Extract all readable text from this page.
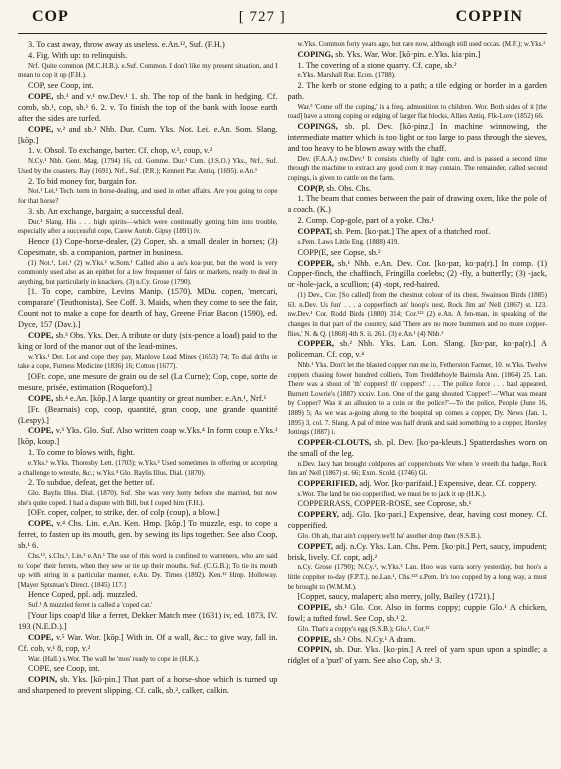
COP	[ 727 ]	COPPIN

3. To cast away, throw away as useless. e.An.¹², Suf. (F.H.)

4. Fig. With up: to relinquish.

Nrf. Quite common (M.C.H.B.). e.Suf. Common. I don't like my present situation, and I mean to cop it up (F.H.).

COP, see Coop, int.

COPE, sb.¹ and v.¹ nw.Dev.¹ 1. sb. The top of the bank in hedging. Cf. comb, sb.¹, cop, sb.¹ 6. 2. v. To finish the top of the bank with loose earth after the sides are turfed.

COPE, v.² and sb.² Nhb. Dur. Cum. Yks. Not. Lei. e.An. Som. Slang. [kōp.]

1. v. Obsol. To exchange, barter. Cf. chop, v.², coup, v.²

N.Cy.¹ Nhb. Gent. Mag. (1794) 16, cd. Gomme. Dur.¹ Cum. (J.S.O.) Yks., Nrf., Suf. Used by the coasters. Ray (1691). Nrf., Suf. (P.R.); Kennett Par. Antiq. (1695). e.An.¹

2. To bid money for, bargain for.

Not.¹ Lei.¹ Tech. term in horse-dealing, and used in other affairs. Are you going to cope for that horse?

3. sb. An exchange, bargain; a successful deal.

Dur.¹ Slang. His . . . high spirits—which were continually getting him into trouble, especially after a successful cope, Carew Autob. Gipsy (1891) iv.

Hence (1) Cope-horse-dealer, (2) Coper, sb. a small dealer in horses; (3) Copesmate, sb. a companion, partner in business.

(1) Not.¹, Lei.¹ (2) w.Yks.² w.Som.¹ Called also a au's koa·pur, but the word is very commonly used also as an epithet for a low frequenter of fairs or markets, ready to deal in anything, but particularly in knackers. (3) n.Cy. Grose (1790).

[1. To cope, cambire, Levins Manip. (1570). MDu. copen, 'mercari, comparare' (Teuthonista). See Coff. 3. Maids, when they come to see the fair, Count not to make a cope for dearth of hay, Greene Friar Bacon (1590), ed. Dyce, 157 (Dav.).]

COPE, sb.³ Obs. Yks. Der. A tribute or duty (six-pence a load) paid to the king or lord of the manor out of the lead-mines.

w.Yks.¹ Der. Lot and cope they pay, Manlove Lead Mines (1653) 74; To dial drifts or take a cope, Furness Medicine (1836) 16; Cotton (1677).

[OFr. cope, une mesure de grain ou de sel (La Curne); Cop, cope, sorte de mesure, prisée, estimation (Roquefort).]

COPE, sb.⁴ e.An. [kōp.] A large quantity or great number. e.An.¹, Nrf.¹

[Fr. (Bearnais) cop, coop, quantité, gran coop, une grande quantité (Lespy).]

COPE, v.³ Yks. Glo. Suf. Also written coap w.Yks.⁴ In form coup e.Yks.¹ [kōp, koup.]

1. To come to blows with, fight.

e.Yks.¹ w.Yks. Thoresby Lett. (1703); w.Yks.² Used sometimes in offering or accepting a challenge to wrestle, &c.; w.Yks.⁴ Glo. Baylis Illus. Dial. (1870).

2. To subdue, defeat, get the better of.

Glo. Baylis Illus. Dial. (1870). Suf. She was very hotty before she married, but now she's quite coped. I had a dispute with Bill, but I coped him (F.H.).

[OFr. coper, colper, to strike, der. of colp (coup), a blow.]

COPE, v.⁴ Chs. Lin. e.An. Ken. Hmp. [kōp.] To muzzle, esp. to cope a ferret, to fasten up its mouth, gen. by sewing its lips together. See also Coop, sb.¹ 6.

Chs.¹³, s.Chs.¹, Lin.¹ e.An.¹ The use of this word is confined to warreners, who are said to 'cope' their ferrets, when they sew or tie up their mouths. Suf. (C.G.B.); To tie its mouth up with string in a particular manner, e.An. Dy. Times (1892). Ken.¹² Hmp. Holloway. [Mayer Sptsman's Direct. (1845) 117.]

Hence Coped, ppl. adj. muzzled.

Suf.¹ A muzzled ferret is called a 'coped cat.'

[Your lips coap'd like a ferret, Dekker Match mee (1631) iv, ed. 1873, IV. 193 (N.E.D.).]

COPE, v.⁵ War. Wor. [kōp.] With in. Of a wall, &c.: to give way, fall in. Cf. cob, v.¹ 8, cop, v.²

War. (Hall.) s.Wor. The wall be 'mos' ready to cope in (H.K.).

COPE, see Coop, int.

COPIN, sb. Yks. [kō·pin.] That part of a horse-shoe which is turned up and sharpened to prevent slipping. Cf. calk, sb.², calker, calkin.

w.Yks. Common forty years ago, but rare now, although still used occas. (M.F.); w.Yks.²

COPING, sb. Yks. War. Wor. [kō·pin. e.Yks. kia·pin.]

1. The covering of a stone quarry. Cf. cape, sb.²

e.Yks. Marshall Rur. Econ. (1788).

2. The kerb or stone edging to a path; a tile edging or border in a garden path.

War.³ 'Come off the coping,' is a freq. admonition to children. Wor. Both sides of it [the road] have a strong coping or edging of larger flat blocks, Allies Antiq. Flk-Lore (1852) 66.

COPINGS, sb. pl. Dev. [kō·pinz.] In machine winnowing, the intermediate matter which is too light or too large to pass through the sieves, and too heavy to be blown away with the chaff.

Dev. (F.A.A.) nw.Dev.¹ It consists chiefly of light corn, and is passed a second time through the machine to extract any good corn it may contain. The remainder, called second copings, is given to cattle on the farm.

COP(P, sb. Obs. Chs.

1. The beam that comes between the pair of drawing oxen, like the pole of a coach. (K.)

2. Comp. Cop-gole, part of a yoke. Chs.¹

COPPAT, sb. Pem. [ko·pat.] The apex of a thatched roof.

s.Pem. Laws Little Eng. (1888) 419.

COPP(E, see Copse, sb.²

COPPER, sb.¹ Nhb. e.An. Dev. Cor. [ko·par, ko·pa(r).] In comp. (1) Copper-finch, the chaffinch, Fringilla coelebs; (2) -fly, a butterfly; (3) -jack, or -hole-jack, a scullion; (4) -topt, red-haired.

(1) Dev., Cor. [So called] from the chestnut colour of its chest, Swainson Birds (1885) 63. n.Dev. Us fun' . . . a copperfinch an' hoop's nest, Rock Jim an' Nell (1867) st. 123. nw.Dev.¹ Cor. Rodd Birds (1880) 314; Cor.¹²³ (2) e.An. A fen-man, in speaking of the changes in that part of the country, said 'There are no more bummers and no more copper-flies,' N. & Q. (1868) 4th S. ii. 261. (3) e.An.¹ (4) Nhb.¹

COPPER, sb.² Nhb. Yks. Lan. Lon. Slang. [ko·par, ko·pa(r).] A policeman. Cf. cop, v.⁴

Nhb.¹ Yks. Don't let the blasted copper run me in, Fetherston Farmer, 10. w.Yks. Twelve coppers chasing fower hundred colliers, Tom Treddlehoyle Bairnsla Ann. (1864) 25. Lan. There was a shout of 'th' coppers! th' coppers!' . . . The police force . . . had appeared, Burnett Lowrie's (1887) xxxiv. Lon. One of the gang shouted 'Copper!'—'What was meant by Copper? Was it an allusion to a coin or the police?'—To the police, People (June 16, 1889) 5; As we was a-going along to the hospital up comes a copper, Dy. News (Jan. 1, 1895) 3, col. 7. Slang. A pal of mine was half drunk and said something to a copper, Horsley Jottings (1887) i.

COPPER-CLOUTS, sb. pl. Dev. [ko·pa-kleuts.] Spatterdashes worn on the small of the leg.

n.Dev. Jacy han brought coldpores an' copperclouts Vor when 'e vreeth tha hadge, Rock Jim an' Nell (1867) st. 66; Exm. Scold. (1746) Gl.

COPPERIFIED, adj. Wor. [ko·parifaid.] Expensive, dear. Cf. coppery.

s.Wor. The land be too copperified, we must be to jack it up (H.K.).

COPPERRASS, COPPER-ROSE, see Coprose, sb.¹

COPPERY, adj. Glo. [ko·pari.] Expensive, dear, having cost money. Cf. copperified.

Glo. Oh ah, that ain't coppery.we'll ha' another drop then (S.S.B.).

COPPET, adj. n.Cy. Yks. Lan. Chs. Pem. [ko·pit.] Pert, saucy, impudent; brisk, lively. Cf. copt, adj.²

n.Cy. Grose (1790); N.Cy.², w.Yks.³ Lan. Hoo was varra sorry yesterday, but hoo's a little coppiter to-day (F.P.T.). ne.Lan.¹, Chs.¹²³ s.Pem. It's too copped by a long way, a must be brought to (W.M.M.).

[Coppet, saucy, malapert; also merry, jolly, Bailey (1721).]

COPPIE, sb.¹ Glo. Cor. Also in forms coppy; cuppie Glo.¹ A chicken, fowl; a tufted fowl. See Cop, sb.¹ 2.

Glo. That's a coppy's egg (S.S.B.); Glo.¹, Cor.¹²

COPPIE, sb.² Obs. N.Cy.¹ A dram.

COPPIN, sb. Dur. Yks. [ko·pin.] A reel of yarn spun upon a spindle; a ridglet of a 'purl' of yarn. See also Cop, sb.¹ 3.
